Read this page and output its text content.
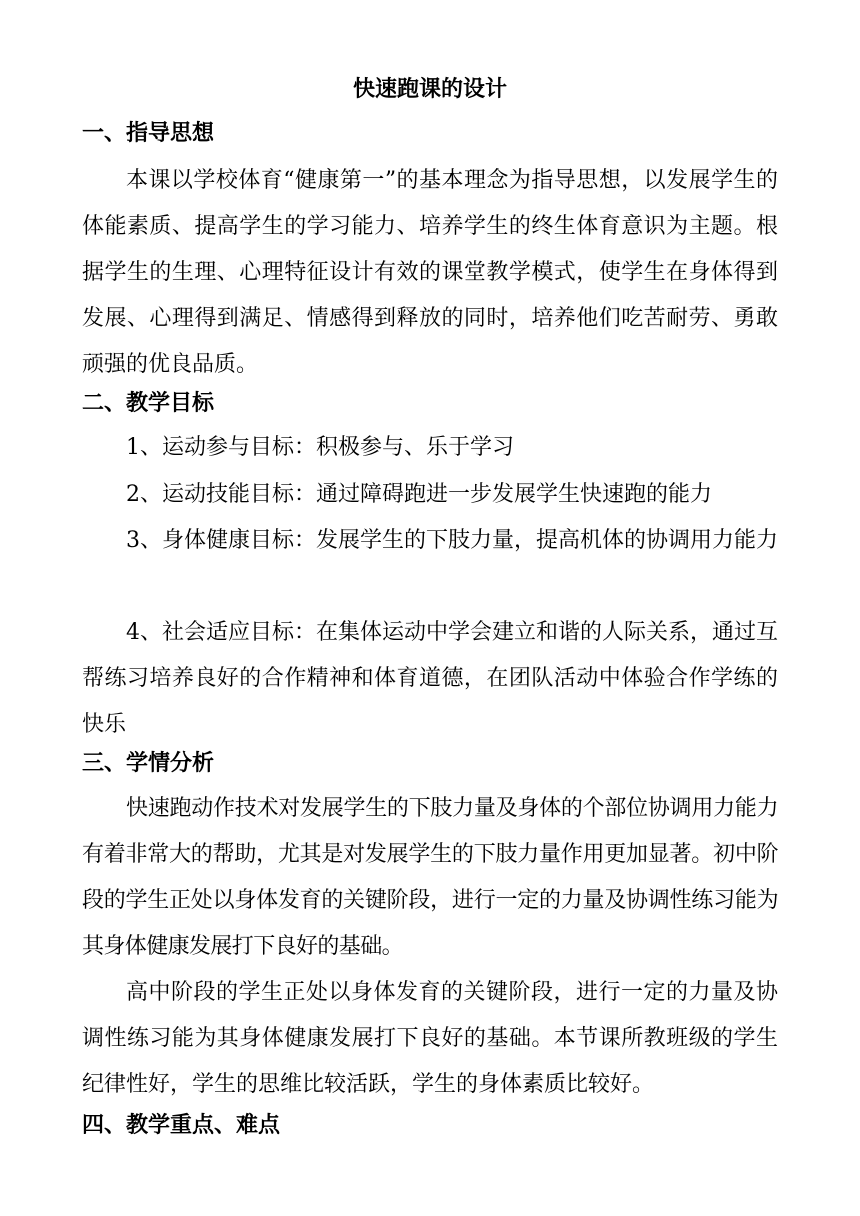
快速跑课的设计
一、指导思想
本课以学校体育“健康第一”的基本理念为指导思想，以发展学生的体能素质、提高学生的学习能力、培养学生的终生体育意识为主题。根据学生的生理、心理特征设计有效的课堂教学模式，使学生在身体得到发展、心理得到满足、情感得到释放的同时，培养他们吃苦耐劳、勇敢顽强的优良品质。
二、教学目标
1、运动参与目标：积极参与、乐于学习
2、运动技能目标：通过障碍跑进一步发展学生快速跑的能力
3、身体健康目标：发展学生的下肢力量，提高机体的协调用力能力
4、社会适应目标：在集体运动中学会建立和谐的人际关系，通过互帮练习培养良好的合作精神和体育道德，在团队活动中体验合作学练的快乐
三、学情分析
快速跑动作技术对发展学生的下肢力量及身体的个部位协调用力能力有着非常大的帮助，尤其是对发展学生的下肢力量作用更加显著。初中阶段的学生正处以身体发育的关键阶段，进行一定的力量及协调性练习能为其身体健康发展打下良好的基础。
高中阶段的学生正处以身体发育的关键阶段，进行一定的力量及协调性练习能为其身体健康发展打下良好的基础。本节课所教班级的学生纪律性好，学生的思维比较活跃，学生的身体素质比较好。
四、教学重点、难点
